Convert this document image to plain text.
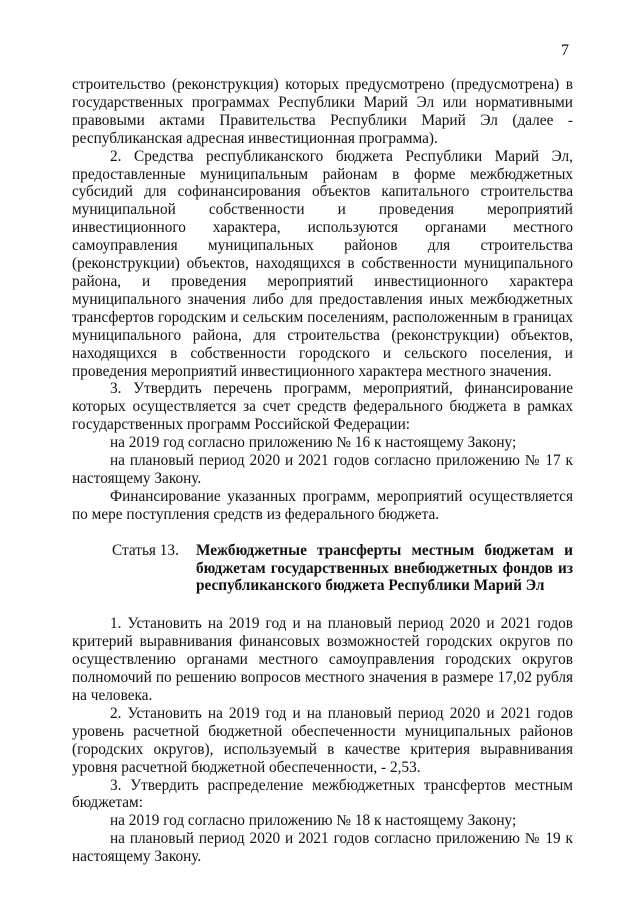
7

строительство (реконструкция) которых предусмотрено (предусмотрена) в государственных программах Республики Марий Эл или нормативными правовыми актами Правительства Республики Марий Эл (далее - республиканская адресная инвестиционная программа).

2. Средства республиканского бюджета Республики Марий Эл, предоставленные муниципальным районам в форме межбюджетных субсидий для софинансирования объектов капитального строительства муниципальной собственности и проведения мероприятий инвестиционного характера, используются органами местного самоуправления муниципальных районов для строительства (реконструкции) объектов, находящихся в собственности муниципального района, и проведения мероприятий инвестиционного характера муниципального значения либо для предоставления иных межбюджетных трансфертов городским и сельским поселениям, расположенным в границах муниципального района, для строительства (реконструкции) объектов, находящихся в собственности городского и сельского поселения, и проведения мероприятий инвестиционного характера местного значения.

3. Утвердить перечень программ, мероприятий, финансирование которых осуществляется за счет средств федерального бюджета в рамках государственных программ Российской Федерации:

на 2019 год согласно приложению № 16 к настоящему Закону;

на плановый период 2020 и 2021 годов согласно приложению № 17 к настоящему Закону.

Финансирование указанных программ, мероприятий осуществляется по мере поступления средств из федерального бюджета.

Статья 13.	Межбюджетные трансферты местным бюджетам и бюджетам государственных внебюджетных фондов из республиканского бюджета Республики Марий Эл

1. Установить на 2019 год и на плановый период 2020 и 2021 годов критерий выравнивания финансовых возможностей городских округов по осуществлению органами местного самоуправления городских округов полномочий по решению вопросов местного значения в размере 17,02 рубля на человека.

2. Установить на 2019 год и на плановый период 2020 и 2021 годов уровень расчетной бюджетной обеспеченности муниципальных районов (городских округов), используемый в качестве критерия выравнивания уровня расчетной бюджетной обеспеченности, - 2,53.

3. Утвердить распределение межбюджетных трансфертов местным бюджетам:

на 2019 год согласно приложению № 18 к настоящему Закону;

на плановый период 2020 и 2021 годов согласно приложению № 19 к настоящему Закону.
